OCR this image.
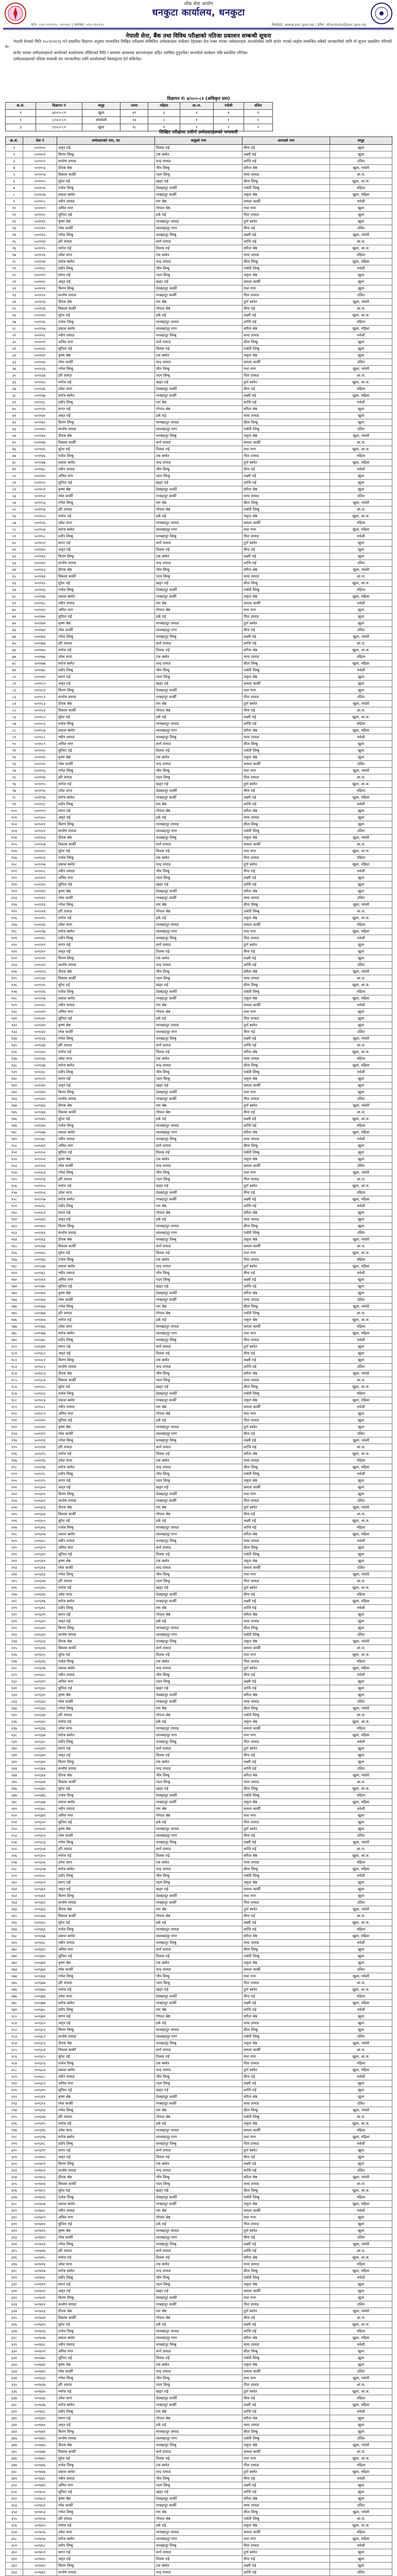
लोक सेवा आयोग
धनकुटा कार्यालय, धनकुटा
फोन: ०२६-५२०१५५, ५२०५६५ | फ्याक्स: ०२६-५२०१५५	वेबसाइट: www.psc.gov.np | इमेल: dhankuta@psc.gov.np
नेपाली सेना, बैंक तथा विविध परीक्षाको नतिजा प्रकाशन सम्बन्धी सूचना

नेपाली सेनाको मिति २०८१/०१/२६ गते प्रकाशित विज्ञापन अनुसार सञ्चालित लिखित परीक्षामा सम्मिलित उम्मेदवारहरू मध्येबाट देहायका रोल नम्बर भएका उम्मेदवारहरू अन्तर्वार्ताका लागि छनोट भएको व्यहोरा सम्बन्धित सबैको जानकारीको लागि यो सूचना प्रकाशित गरिएको छ।

छनोट भएका उम्मेदवारहरूले आयोगको कार्यालयमा तोकिएको मिति र समयमा आवश्यक कागजातहरू सहित उपस्थित हुनुपर्नेछ। अन्तर्वार्ता कार्यक्रम पछि प्रकाशित गरिनेछ।

उम्मेदवारहरूको नतिजा सम्बन्धी थप जानकारीका लागि कार्यालयको वेबसाइटमा हेर्न सकिनेछ।

विज्ञापन नं: ७/०८०-८१ (अधिकृत स्तर)
क्र.सं.	विज्ञापन नं	समूह	जम्मा	महिला	आ.ज.	मधेशी	दलित
१	७/०८०-८१	खुला	४९	३	२	४	१
२	८/०८०-८१	समावेशी	२४	२	१	१	१
३	९/०८०-८१	खुला	१८	१	१	२	०
लिखित परीक्षामा उत्तीर्ण उम्मेदवारहरूको नामावली
क्र.सं.	रोल नं	उम्मेदवारको नाम, थर	बाबुको नाम	आमाको नाम	समूह
१	५०११००	अमृत राई	तिलक राई	मीना राई	खुला
२	५०११०१	किरण लिम्बु	टंक बस्नेत	लक्ष्मी राई	खुला
३	५०११०२	सन्तोष तामाङ	चन्द्र तामाङ	शान्ति राई	दलित
४	५०११०३	दीपक श्रेष्ठ	भीम लिम्बु	सरिता श्रेष्ठ	खुला, मधेशी
५	५०११०४	विकास कार्की	पदम लिम्बु	माया तामाङ	आ.ज.
६	५०११०५	सुरेश राई	खड्ग राई	सीता लिम्बु	खुला, आ.ज.
७	५०११०६	राजेश लिम्बु	देवबहादुर कार्की	पार्वती लिम्बु	महिला
८	५०११०७	प्रकाश बस्नेत	नरबहादुर कार्की	जमुना श्रेष्ठ	खुला, महिला
९	५०११०८	नवीन तामाङ	राम श्रेष्ठ	कमला कार्की	मधेशी
१०	५०११०९	अनिल मगर	गोपाल श्रेष्ठ	राधा मगर	खुला
११	५०१११०	सुनिता राई	हर्क राई	गीता तामाङ	खुला
१२	५०११११	कृष्ण श्रेष्ठ	मानबहादुर तामाङ	दुर्गा बस्नेत	खुला
१३	५०१११२	रमेश कार्की	लालबहादुर मगर	मीना राई	दलित
१४	५०१११३	गणेश लिम्बु	धनबहादुर लिम्बु	लक्ष्मी राई	खुला, मधेशी
१५	५०१११४	हरि तामाङ	कर्ण तामाङ	शान्ति राई	आ.ज.
१६	५०१११५	मनोज राई	तिलक राई	सरिता श्रेष्ठ	खुला, आ.ज.
१७	५०१११६	उमेश थापा	टंक बस्नेत	माया तामाङ	महिला
१८	५०१११७	सरोज बस्नेत	चन्द्र तामाङ	सीता लिम्बु	खुला, महिला
१९	५०१११८	प्रदीप लिम्बु	भीम लिम्बु	पार्वती लिम्बु	मधेशी
२०	५०१११९	सागर राई	पदम लिम्बु	जमुना श्रेष्ठ	खुला
२१	५०११२०	अमृत राई	खड्ग राई	कमला कार्की	खुला
२२	५०११२१	किरण लिम्बु	देवबहादुर कार्की	राधा मगर	खुला
२३	५०११२२	सन्तोष तामाङ	नरबहादुर कार्की	गीता तामाङ	दलित
२४	५०११२३	दीपक श्रेष्ठ	राम श्रेष्ठ	दुर्गा बस्नेत	खुला, मधेशी
२५	५०११२४	विकास कार्की	गोपाल श्रेष्ठ	मीना राई	आ.ज.
२६	५०११२५	सुरेश राई	हर्क राई	लक्ष्मी राई	खुला, आ.ज.
२७	५०११२६	राजेश लिम्बु	मानबहादुर तामाङ	शान्ति राई	महिला
२८	५०११२७	प्रकाश बस्नेत	लालबहादुर मगर	सरिता श्रेष्ठ	खुला, महिला
२९	५०११२८	नवीन तामाङ	धनबहादुर लिम्बु	माया तामाङ	मधेशी
३०	५०११२९	अनिल मगर	कर्ण तामाङ	सीता लिम्बु	खुला
३१	५०११३०	सुनिता राई	तिलक राई	पार्वती लिम्बु	खुला
३२	५०११३१	कृष्ण श्रेष्ठ	टंक बस्नेत	जमुना श्रेष्ठ	खुला
३३	५०११३२	रमेश कार्की	चन्द्र तामाङ	कमला कार्की	दलित
३४	५०११३३	गणेश लिम्बु	भीम लिम्बु	राधा मगर	खुला, मधेशी
३५	५०११३४	हरि तामाङ	पदम लिम्बु	गीता तामाङ	आ.ज.
३६	५०११३५	मनोज राई	खड्ग राई	दुर्गा बस्नेत	खुला, आ.ज.
३७	५०११३६	उमेश थापा	देवबहादुर कार्की	मीना राई	महिला
३८	५०११३७	सरोज बस्नेत	नरबहादुर कार्की	लक्ष्मी राई	खुला, महिला
३९	५०११३८	प्रदीप लिम्बु	राम श्रेष्ठ	शान्ति राई	मधेशी
४०	५०११३९	सागर राई	गोपाल श्रेष्ठ	सरिता श्रेष्ठ	खुला
४१	५०११४०	अमृत राई	हर्क राई	माया तामाङ	खुला
४२	५०११४१	किरण लिम्बु	मानबहादुर तामाङ	सीता लिम्बु	खुला
४३	५०११४२	सन्तोष तामाङ	लालबहादुर मगर	पार्वती लिम्बु	दलित
४४	५०११४३	दीपक श्रेष्ठ	धनबहादुर लिम्बु	जमुना श्रेष्ठ	खुला, मधेशी
४५	५०११४४	विकास कार्की	कर्ण तामाङ	कमला कार्की	आ.ज.
४६	५०११४५	सुरेश राई	तिलक राई	राधा मगर	खुला, आ.ज.
४७	५०११४६	राजेश लिम्बु	टंक बस्नेत	गीता तामाङ	महिला
४८	५०११४७	प्रकाश बस्नेत	चन्द्र तामाङ	दुर्गा बस्नेत	खुला, महिला
४९	५०११४८	नवीन तामाङ	भीम लिम्बु	मीना राई	मधेशी
५०	५०११४९	अनिल मगर	पदम लिम्बु	लक्ष्मी राई	खुला
५१	५०११५०	सुनिता राई	खड्ग राई	शान्ति राई	खुला
५२	५०११५१	कृष्ण श्रेष्ठ	देवबहादुर कार्की	सरिता श्रेष्ठ	खुला
५३	५०११५२	रमेश कार्की	नरबहादुर कार्की	माया तामाङ	दलित
५४	५०११५३	गणेश लिम्बु	राम श्रेष्ठ	सीता लिम्बु	खुला, मधेशी
५५	५०११५४	हरि तामाङ	गोपाल श्रेष्ठ	पार्वती लिम्बु	आ.ज.
५६	५०११५५	मनोज राई	हर्क राई	जमुना श्रेष्ठ	खुला, आ.ज.
५७	५०११५६	उमेश थापा	मानबहादुर तामाङ	कमला कार्की	महिला
५८	५०११५७	सरोज बस्नेत	लालबहादुर मगर	राधा मगर	खुला, महिला
५९	५०११५८	प्रदीप लिम्बु	धनबहादुर लिम्बु	गीता तामाङ	मधेशी
६०	५०११५९	सागर राई	कर्ण तामाङ	दुर्गा बस्नेत	खुला
६१	५०११६०	अमृत राई	तिलक राई	मीना राई	खुला
६२	५०११६१	किरण लिम्बु	टंक बस्नेत	लक्ष्मी राई	खुला
६३	५०११६२	सन्तोष तामाङ	चन्द्र तामाङ	शान्ति राई	दलित
६४	५०११६३	दीपक श्रेष्ठ	भीम लिम्बु	सरिता श्रेष्ठ	खुला, मधेशी
६५	५०११६४	विकास कार्की	पदम लिम्बु	माया तामाङ	आ.ज.
६६	५०११६५	सुरेश राई	खड्ग राई	सीता लिम्बु	खुला, आ.ज.
६७	५०११६६	राजेश लिम्बु	देवबहादुर कार्की	पार्वती लिम्बु	महिला
६८	५०११६७	प्रकाश बस्नेत	नरबहादुर कार्की	जमुना श्रेष्ठ	खुला, महिला
६९	५०११६८	नवीन तामाङ	राम श्रेष्ठ	कमला कार्की	मधेशी
७०	५०११६९	अनिल मगर	गोपाल श्रेष्ठ	राधा मगर	खुला
७१	५०११७०	सुनिता राई	हर्क राई	गीता तामाङ	खुला
७२	५०११७१	कृष्ण श्रेष्ठ	मानबहादुर तामाङ	दुर्गा बस्नेत	खुला
७३	५०११७२	रमेश कार्की	लालबहादुर मगर	मीना राई	दलित
७४	५०११७३	गणेश लिम्बु	धनबहादुर लिम्बु	लक्ष्मी राई	खुला, मधेशी
७५	५०११७४	हरि तामाङ	कर्ण तामाङ	शान्ति राई	आ.ज.
७६	५०११७५	मनोज राई	तिलक राई	सरिता श्रेष्ठ	खुला, आ.ज.
७७	५०११७६	उमेश थापा	टंक बस्नेत	माया तामाङ	महिला
७८	५०११७७	सरोज बस्नेत	चन्द्र तामाङ	सीता लिम्बु	खुला, महिला
७९	५०११७८	प्रदीप लिम्बु	भीम लिम्बु	पार्वती लिम्बु	मधेशी
८०	५०११७९	सागर राई	पदम लिम्बु	जमुना श्रेष्ठ	खुला
८१	५०११८०	अमृत राई	खड्ग राई	कमला कार्की	खुला
८२	५०११८१	किरण लिम्बु	देवबहादुर कार्की	राधा मगर	खुला
८३	५०११८२	सन्तोष तामाङ	नरबहादुर कार्की	गीता तामाङ	दलित
८४	५०११८३	दीपक श्रेष्ठ	राम श्रेष्ठ	दुर्गा बस्नेत	खुला, मधेशी
८५	५०११८४	विकास कार्की	गोपाल श्रेष्ठ	मीना राई	आ.ज.
८६	५०११८५	सुरेश राई	हर्क राई	लक्ष्मी राई	खुला, आ.ज.
८७	५०११८६	राजेश लिम्बु	मानबहादुर तामाङ	शान्ति राई	महिला
८८	५०११८७	प्रकाश बस्नेत	लालबहादुर मगर	सरिता श्रेष्ठ	खुला, महिला
८९	५०११८८	नवीन तामाङ	धनबहादुर लिम्बु	माया तामाङ	मधेशी
९०	५०११८९	अनिल मगर	कर्ण तामाङ	सीता लिम्बु	खुला
९१	५०११९०	सुनिता राई	तिलक राई	पार्वती लिम्बु	खुला
९२	५०११९१	कृष्ण श्रेष्ठ	टंक बस्नेत	जमुना श्रेष्ठ	खुला
९३	५०११९२	रमेश कार्की	चन्द्र तामाङ	कमला कार्की	दलित
९४	५०११९३	गणेश लिम्बु	भीम लिम्बु	राधा मगर	खुला, मधेशी
९५	५०११९४	हरि तामाङ	पदम लिम्बु	गीता तामाङ	आ.ज.
९६	५०११९५	मनोज राई	खड्ग राई	दुर्गा बस्नेत	खुला, आ.ज.
९७	५०११९६	उमेश थापा	देवबहादुर कार्की	मीना राई	महिला
९८	५०११९७	सरोज बस्नेत	नरबहादुर कार्की	लक्ष्मी राई	खुला, महिला
९९	५०११९८	प्रदीप लिम्बु	राम श्रेष्ठ	शान्ति राई	मधेशी
१००	५०११९९	सागर राई	गोपाल श्रेष्ठ	सरिता श्रेष्ठ	खुला
१०१	५०१२००	अमृत राई	हर्क राई	माया तामाङ	खुला
१०२	५०१२०१	किरण लिम्बु	मानबहादुर तामाङ	सीता लिम्बु	खुला
१०३	५०१२०२	सन्तोष तामाङ	लालबहादुर मगर	पार्वती लिम्बु	दलित
१०४	५०१२०३	दीपक श्रेष्ठ	धनबहादुर लिम्बु	जमुना श्रेष्ठ	खुला, मधेशी
१०५	५०१२०४	विकास कार्की	कर्ण तामाङ	कमला कार्की	आ.ज.
१०६	५०१२०५	सुरेश राई	तिलक राई	राधा मगर	खुला, आ.ज.
१०७	५०१२०६	राजेश लिम्बु	टंक बस्नेत	गीता तामाङ	महिला
१०८	५०१२०७	प्रकाश बस्नेत	चन्द्र तामाङ	दुर्गा बस्नेत	खुला, महिला
१०९	५०१२०८	नवीन तामाङ	भीम लिम्बु	मीना राई	मधेशी
११०	५०१२०९	अनिल मगर	पदम लिम्बु	लक्ष्मी राई	खुला
१११	५०१२१०	सुनिता राई	खड्ग राई	शान्ति राई	खुला
११२	५०१२११	कृष्ण श्रेष्ठ	देवबहादुर कार्की	सरिता श्रेष्ठ	खुला
११३	५०१२१२	रमेश कार्की	नरबहादुर कार्की	माया तामाङ	दलित
११४	५०१२१३	गणेश लिम्बु	राम श्रेष्ठ	सीता लिम्बु	खुला, मधेशी
११५	५०१२१४	हरि तामाङ	गोपाल श्रेष्ठ	पार्वती लिम्बु	आ.ज.
११६	५०१२१५	मनोज राई	हर्क राई	जमुना श्रेष्ठ	खुला, आ.ज.
११७	५०१२१६	उमेश थापा	मानबहादुर तामाङ	कमला कार्की	महिला
११८	५०१२१७	सरोज बस्नेत	लालबहादुर मगर	राधा मगर	खुला, महिला
११९	५०१२१८	प्रदीप लिम्बु	धनबहादुर लिम्बु	गीता तामाङ	मधेशी
१२०	५०१२१९	सागर राई	कर्ण तामाङ	दुर्गा बस्नेत	खुला
१२१	५०१२२०	अमृत राई	तिलक राई	मीना राई	खुला
१२२	५०१२२१	किरण लिम्बु	टंक बस्नेत	लक्ष्मी राई	खुला
१२३	५०१२२२	सन्तोष तामाङ	चन्द्र तामाङ	शान्ति राई	दलित
१२४	५०१२२३	दीपक श्रेष्ठ	भीम लिम्बु	सरिता श्रेष्ठ	खुला, मधेशी
१२५	५०१२२४	विकास कार्की	पदम लिम्बु	माया तामाङ	आ.ज.
१२६	५०१२२५	सुरेश राई	खड्ग राई	सीता लिम्बु	खुला, आ.ज.
१२७	५०१२२६	राजेश लिम्बु	देवबहादुर कार्की	पार्वती लिम्बु	महिला
१२८	५०१२२७	प्रकाश बस्नेत	नरबहादुर कार्की	जमुना श्रेष्ठ	खुला, महिला
१२९	५०१२२८	नवीन तामाङ	राम श्रेष्ठ	कमला कार्की	मधेशी
१३०	५०१२२९	अनिल मगर	गोपाल श्रेष्ठ	राधा मगर	खुला
१३१	५०१२३०	सुनिता राई	हर्क राई	गीता तामाङ	खुला
१३२	५०१२३१	कृष्ण श्रेष्ठ	मानबहादुर तामाङ	दुर्गा बस्नेत	खुला
१३३	५०१२३२	रमेश कार्की	लालबहादुर मगर	मीना राई	दलित
१३४	५०१२३३	गणेश लिम्बु	धनबहादुर लिम्बु	लक्ष्मी राई	खुला, मधेशी
१३५	५०१२३४	हरि तामाङ	कर्ण तामाङ	शान्ति राई	आ.ज.
१३६	५०१२३५	मनोज राई	तिलक राई	सरिता श्रेष्ठ	खुला, आ.ज.
१३७	५०१२३६	उमेश थापा	टंक बस्नेत	माया तामाङ	महिला
१३८	५०१२३७	सरोज बस्नेत	चन्द्र तामाङ	सीता लिम्बु	खुला, महिला
१३९	५०१२३८	प्रदीप लिम्बु	भीम लिम्बु	पार्वती लिम्बु	मधेशी
१४०	५०१२३९	सागर राई	पदम लिम्बु	जमुना श्रेष्ठ	खुला
१४१	५०१२४०	अमृत राई	खड्ग राई	कमला कार्की	खुला
१४२	५०१२४१	किरण लिम्बु	देवबहादुर कार्की	राधा मगर	खुला
१४३	५०१२४२	सन्तोष तामाङ	नरबहादुर कार्की	गीता तामाङ	दलित
१४४	५०१२४३	दीपक श्रेष्ठ	राम श्रेष्ठ	दुर्गा बस्नेत	खुला, मधेशी
१४५	५०१२४४	विकास कार्की	गोपाल श्रेष्ठ	मीना राई	आ.ज.
१४६	५०१२४५	सुरेश राई	हर्क राई	लक्ष्मी राई	खुला, आ.ज.
१४७	५०१२४६	राजेश लिम्बु	मानबहादुर तामाङ	शान्ति राई	महिला
१४८	५०१२४७	प्रकाश बस्नेत	लालबहादुर मगर	सरिता श्रेष्ठ	खुला, महिला
१४९	५०१२४८	नवीन तामाङ	धनबहादुर लिम्बु	माया तामाङ	मधेशी
१५०	५०१२४९	अनिल मगर	कर्ण तामाङ	सीता लिम्बु	खुला
१५१	५०१२५०	सुनिता राई	तिलक राई	पार्वती लिम्बु	खुला
१५२	५०१२५१	कृष्ण श्रेष्ठ	टंक बस्नेत	जमुना श्रेष्ठ	खुला
१५३	५०१२५२	रमेश कार्की	चन्द्र तामाङ	कमला कार्की	दलित
१५४	५०१२५३	गणेश लिम्बु	भीम लिम्बु	राधा मगर	खुला, मधेशी
१५५	५०१२५४	हरि तामाङ	पदम लिम्बु	गीता तामाङ	आ.ज.
१५६	५०१२५५	मनोज राई	खड्ग राई	दुर्गा बस्नेत	खुला, आ.ज.
१५७	५०१२५६	उमेश थापा	देवबहादुर कार्की	मीना राई	महिला
१५८	५०१२५७	सरोज बस्नेत	नरबहादुर कार्की	लक्ष्मी राई	खुला, महिला
१५९	५०१२५८	प्रदीप लिम्बु	राम श्रेष्ठ	शान्ति राई	मधेशी
१६०	५०१२५९	सागर राई	गोपाल श्रेष्ठ	सरिता श्रेष्ठ	खुला
१६१	५०१२६०	अमृत राई	हर्क राई	माया तामाङ	खुला
१६२	५०१२६१	किरण लिम्बु	मानबहादुर तामाङ	सीता लिम्बु	खुला
१६३	५०१२६२	सन्तोष तामाङ	लालबहादुर मगर	पार्वती लिम्बु	दलित
१६४	५०१२६३	दीपक श्रेष्ठ	धनबहादुर लिम्बु	जमुना श्रेष्ठ	खुला, मधेशी
१६५	५०१२६४	विकास कार्की	कर्ण तामाङ	कमला कार्की	आ.ज.
१६६	५०१२६५	सुरेश राई	तिलक राई	राधा मगर	खुला, आ.ज.
१६७	५०१२६६	राजेश लिम्बु	टंक बस्नेत	गीता तामाङ	महिला
१६८	५०१२६७	प्रकाश बस्नेत	चन्द्र तामाङ	दुर्गा बस्नेत	खुला, महिला
१६९	५०१२६८	नवीन तामाङ	भीम लिम्बु	मीना राई	मधेशी
१७०	५०१२६९	अनिल मगर	पदम लिम्बु	लक्ष्मी राई	खुला
१७१	५०१२७०	सुनिता राई	खड्ग राई	शान्ति राई	खुला
१७२	५०१२७१	कृष्ण श्रेष्ठ	देवबहादुर कार्की	सरिता श्रेष्ठ	खुला
१७३	५०१२७२	रमेश कार्की	नरबहादुर कार्की	माया तामाङ	दलित
१७४	५०१२७३	गणेश लिम्बु	राम श्रेष्ठ	सीता लिम्बु	खुला, मधेशी
१७५	५०१२७४	हरि तामाङ	गोपाल श्रेष्ठ	पार्वती लिम्बु	आ.ज.
१७६	५०१२७५	मनोज राई	हर्क राई	जमुना श्रेष्ठ	खुला, आ.ज.
१७७	५०१२७६	उमेश थापा	मानबहादुर तामाङ	कमला कार्की	महिला
१७८	५०१२७७	सरोज बस्नेत	लालबहादुर मगर	राधा मगर	खुला, महिला
१७९	५०१२७८	प्रदीप लिम्बु	धनबहादुर लिम्बु	गीता तामाङ	मधेशी
१८०	५०१२७९	सागर राई	कर्ण तामाङ	दुर्गा बस्नेत	खुला
१८१	५०१२८०	अमृत राई	तिलक राई	मीना राई	खुला
१८२	५०१२८१	किरण लिम्बु	टंक बस्नेत	लक्ष्मी राई	खुला
१८३	५०१२८२	सन्तोष तामाङ	चन्द्र तामाङ	शान्ति राई	दलित
१८४	५०१२८३	दीपक श्रेष्ठ	भीम लिम्बु	सरिता श्रेष्ठ	खुला, मधेशी
१८५	५०१२८४	विकास कार्की	पदम लिम्बु	माया तामाङ	आ.ज.
१८६	५०१२८५	सुरेश राई	खड्ग राई	सीता लिम्बु	खुला, आ.ज.
१८७	५०१२८६	राजेश लिम्बु	देवबहादुर कार्की	पार्वती लिम्बु	महिला
१८८	५०१२८७	प्रकाश बस्नेत	नरबहादुर कार्की	जमुना श्रेष्ठ	खुला, महिला
१८९	५०१२८८	नवीन तामाङ	राम श्रेष्ठ	कमला कार्की	मधेशी
१९०	५०१२८९	अनिल मगर	गोपाल श्रेष्ठ	राधा मगर	खुला
१९१	५०१२९०	सुनिता राई	हर्क राई	गीता तामाङ	खुला
१९२	५०१२९१	कृष्ण श्रेष्ठ	मानबहादुर तामाङ	दुर्गा बस्नेत	खुला
१९३	५०१२९२	रमेश कार्की	लालबहादुर मगर	मीना राई	दलित
१९४	५०१२९३	गणेश लिम्बु	धनबहादुर लिम्बु	लक्ष्मी राई	खुला, मधेशी
१९५	५०१२९४	हरि तामाङ	कर्ण तामाङ	शान्ति राई	आ.ज.
१९६	५०१२९५	मनोज राई	तिलक राई	सरिता श्रेष्ठ	खुला, आ.ज.
१९७	५०१२९६	उमेश थापा	टंक बस्नेत	माया तामाङ	महिला
१९८	५०१२९७	सरोज बस्नेत	चन्द्र तामाङ	सीता लिम्बु	खुला, महिला
१९९	५०१२९८	प्रदीप लिम्बु	भीम लिम्बु	पार्वती लिम्बु	मधेशी
२००	५०१२९९	सागर राई	पदम लिम्बु	जमुना श्रेष्ठ	खुला
२०१	५०१३००	अमृत राई	खड्ग राई	कमला कार्की	खुला
२०२	५०१३०१	किरण लिम्बु	देवबहादुर कार्की	राधा मगर	खुला
२०३	५०१३०२	सन्तोष तामाङ	नरबहादुर कार्की	गीता तामाङ	दलित
२०४	५०१३०३	दीपक श्रेष्ठ	राम श्रेष्ठ	दुर्गा बस्नेत	खुला, मधेशी
२०५	५०१३०४	विकास कार्की	गोपाल श्रेष्ठ	मीना राई	आ.ज.
२०६	५०१३०५	सुरेश राई	हर्क राई	लक्ष्मी राई	खुला, आ.ज.
२०७	५०१३०६	राजेश लिम्बु	मानबहादुर तामाङ	शान्ति राई	महिला
२०८	५०१३०७	प्रकाश बस्नेत	लालबहादुर मगर	सरिता श्रेष्ठ	खुला, महिला
२०९	५०१३०८	नवीन तामाङ	धनबहादुर लिम्बु	माया तामाङ	मधेशी
२१०	५०१३०९	अनिल मगर	कर्ण तामाङ	सीता लिम्बु	खुला
२११	५०१३१०	सुनिता राई	तिलक राई	पार्वती लिम्बु	खुला
२१२	५०१३११	कृष्ण श्रेष्ठ	टंक बस्नेत	जमुना श्रेष्ठ	खुला
२१३	५०१३१२	रमेश कार्की	चन्द्र तामाङ	कमला कार्की	दलित
२१४	५०१३१३	गणेश लिम्बु	भीम लिम्बु	राधा मगर	खुला, मधेशी
२१५	५०१३१४	हरि तामाङ	पदम लिम्बु	गीता तामाङ	आ.ज.
२१६	५०१३१५	मनोज राई	खड्ग राई	दुर्गा बस्नेत	खुला, आ.ज.
२१७	५०१३१६	उमेश थापा	देवबहादुर कार्की	मीना राई	महिला
२१८	५०१३१७	सरोज बस्नेत	नरबहादुर कार्की	लक्ष्मी राई	खुला, महिला
२१९	५०१३१८	प्रदीप लिम्बु	राम श्रेष्ठ	शान्ति राई	मधेशी
२२०	५०१३१९	सागर राई	गोपाल श्रेष्ठ	सरिता श्रेष्ठ	खुला
२२१	५०१३२०	अमृत राई	हर्क राई	माया तामाङ	खुला
२२२	५०१३२१	किरण लिम्बु	मानबहादुर तामाङ	सीता लिम्बु	खुला
२२३	५०१३२२	सन्तोष तामाङ	लालबहादुर मगर	पार्वती लिम्बु	दलित
२२४	५०१३२३	दीपक श्रेष्ठ	धनबहादुर लिम्बु	जमुना श्रेष्ठ	खुला, मधेशी
२२५	५०१३२४	विकास कार्की	कर्ण तामाङ	कमला कार्की	आ.ज.
२२६	५०१३२५	सुरेश राई	तिलक राई	राधा मगर	खुला, आ.ज.
२२७	५०१३२६	राजेश लिम्बु	टंक बस्नेत	गीता तामाङ	महिला
२२८	५०१३२७	प्रकाश बस्नेत	चन्द्र तामाङ	दुर्गा बस्नेत	खुला, महिला
२२९	५०१३२८	नवीन तामाङ	भीम लिम्बु	मीना राई	मधेशी
२३०	५०१३२९	अनिल मगर	पदम लिम्बु	लक्ष्मी राई	खुला
२३१	५०१३३०	सुनिता राई	खड्ग राई	शान्ति राई	खुला
२३२	५०१३३१	कृष्ण श्रेष्ठ	देवबहादुर कार्की	सरिता श्रेष्ठ	खुला
२३३	५०१३३२	रमेश कार्की	नरबहादुर कार्की	माया तामाङ	दलित
२३४	५०१३३३	गणेश लिम्बु	राम श्रेष्ठ	सीता लिम्बु	खुला, मधेशी
२३५	५०१३३४	हरि तामाङ	गोपाल श्रेष्ठ	पार्वती लिम्बु	आ.ज.
२३६	५०१३३५	मनोज राई	हर्क राई	जमुना श्रेष्ठ	खुला, आ.ज.
२३७	५०१३३६	उमेश थापा	मानबहादुर तामाङ	कमला कार्की	महिला
२३८	५०१३३७	सरोज बस्नेत	लालबहादुर मगर	राधा मगर	खुला, महिला
२३९	५०१३३८	प्रदीप लिम्बु	धनबहादुर लिम्बु	गीता तामाङ	मधेशी
२४०	५०१३३९	सागर राई	कर्ण तामाङ	दुर्गा बस्नेत	खुला
२४१	५०१३४०	अमृत राई	तिलक राई	मीना राई	खुला
२४२	५०१३४१	किरण लिम्बु	टंक बस्नेत	लक्ष्मी राई	खुला
२४३	५०१३४२	सन्तोष तामाङ	चन्द्र तामाङ	शान्ति राई	दलित
२४४	५०१३४३	दीपक श्रेष्ठ	भीम लिम्बु	सरिता श्रेष्ठ	खुला, मधेशी
२४५	५०१३४४	विकास कार्की	पदम लिम्बु	माया तामाङ	आ.ज.
२४६	५०१३४५	सुरेश राई	खड्ग राई	सीता लिम्बु	खुला, आ.ज.
२४७	५०१३४६	राजेश लिम्बु	देवबहादुर कार्की	पार्वती लिम्बु	महिला
२४८	५०१३४७	प्रकाश बस्नेत	नरबहादुर कार्की	जमुना श्रेष्ठ	खुला, महिला
२४९	५०१३४८	नवीन तामाङ	राम श्रेष्ठ	कमला कार्की	मधेशी
२५०	५०१३४९	अनिल मगर	गोपाल श्रेष्ठ	राधा मगर	खुला
२५१	५०१३५०	सुनिता राई	हर्क राई	गीता तामाङ	खुला
२५२	५०१३५१	कृष्ण श्रेष्ठ	मानबहादुर तामाङ	दुर्गा बस्नेत	खुला
२५३	५०१३५२	रमेश कार्की	लालबहादुर मगर	मीना राई	दलित
२५४	५०१३५३	गणेश लिम्बु	धनबहादुर लिम्बु	लक्ष्मी राई	खुला, मधेशी
२५५	५०१३५४	हरि तामाङ	कर्ण तामाङ	शान्ति राई	आ.ज.
२५६	५०१३५५	मनोज राई	तिलक राई	सरिता श्रेष्ठ	खुला, आ.ज.
२५७	५०१३५६	उमेश थापा	टंक बस्नेत	माया तामाङ	महिला
२५८	५०१३५७	सरोज बस्नेत	चन्द्र तामाङ	सीता लिम्बु	खुला, महिला
२५९	५०१३५८	प्रदीप लिम्बु	भीम लिम्बु	पार्वती लिम्बु	मधेशी
२६०	५०१३५९	सागर राई	पदम लिम्बु	जमुना श्रेष्ठ	खुला
२६१	५०१३६०	अमृत राई	खड्ग राई	कमला कार्की	खुला
२६२	५०१३६१	किरण लिम्बु	देवबहादुर कार्की	राधा मगर	खुला
२६३	५०१३६२	सन्तोष तामाङ	नरबहादुर कार्की	गीता तामाङ	दलित
२६४	५०१३६३	दीपक श्रेष्ठ	राम श्रेष्ठ	दुर्गा बस्नेत	खुला, मधेशी
२६५	५०१३६४	विकास कार्की	गोपाल श्रेष्ठ	मीना राई	आ.ज.
२६६	५०१३६५	सुरेश राई	हर्क राई	लक्ष्मी राई	खुला, आ.ज.
२६७	५०१३६६	राजेश लिम्बु	मानबहादुर तामाङ	शान्ति राई	महिला
२६८	५०१३६७	प्रकाश बस्नेत	लालबहादुर मगर	सरिता श्रेष्ठ	खुला, महिला
२६९	५०१३६८	नवीन तामाङ	धनबहादुर लिम्बु	माया तामाङ	मधेशी
२७०	५०१३६९	अनिल मगर	कर्ण तामाङ	सीता लिम्बु	खुला
२७१	५०१३७०	सुनिता राई	तिलक राई	पार्वती लिम्बु	खुला
२७२	५०१३७१	कृष्ण श्रेष्ठ	टंक बस्नेत	जमुना श्रेष्ठ	खुला
२७३	५०१३७२	रमेश कार्की	चन्द्र तामाङ	कमला कार्की	दलित
२७४	५०१३७३	गणेश लिम्बु	भीम लिम्बु	राधा मगर	खुला, मधेशी
२७५	५०१३७४	हरि तामाङ	पदम लिम्बु	गीता तामाङ	आ.ज.
२७६	५०१३७५	मनोज राई	खड्ग राई	दुर्गा बस्नेत	खुला, आ.ज.
२७७	५०१३७६	उमेश थापा	देवबहादुर कार्की	मीना राई	महिला
२७८	५०१३७७	सरोज बस्नेत	नरबहादुर कार्की	लक्ष्मी राई	खुला, महिला
२७९	५०१३७८	प्रदीप लिम्बु	राम श्रेष्ठ	शान्ति राई	मधेशी
२८०	५०१३७९	सागर राई	गोपाल श्रेष्ठ	सरिता श्रेष्ठ	खुला
२८१	५०१३८०	अमृत राई	हर्क राई	माया तामाङ	खुला
२८२	५०१३८१	किरण लिम्बु	मानबहादुर तामाङ	सीता लिम्बु	खुला
२८३	५०१३८२	सन्तोष तामाङ	लालबहादुर मगर	पार्वती लिम्बु	दलित
२८४	५०१३८३	दीपक श्रेष्ठ	धनबहादुर लिम्बु	जमुना श्रेष्ठ	खुला, मधेशी
२८५	५०१३८४	विकास कार्की	कर्ण तामाङ	कमला कार्की	आ.ज.
२८६	५०१३८५	सुरेश राई	तिलक राई	राधा मगर	खुला, आ.ज.
२८७	५०१३८६	राजेश लिम्बु	टंक बस्नेत	गीता तामाङ	महिला
२८८	५०१३८७	प्रकाश बस्नेत	चन्द्र तामाङ	दुर्गा बस्नेत	खुला, महिला
२८९	५०१३८८	नवीन तामाङ	भीम लिम्बु	मीना राई	मधेशी
२९०	५०१३८९	अनिल मगर	पदम लिम्बु	लक्ष्मी राई	खुला
२९१	५०१३९०	सुनिता राई	खड्ग राई	शान्ति राई	खुला
२९२	५०१३९१	कृष्ण श्रेष्ठ	देवबहादुर कार्की	सरिता श्रेष्ठ	खुला
२९३	५०१३९२	रमेश कार्की	नरबहादुर कार्की	माया तामाङ	दलित
२९४	५०१३९३	गणेश लिम्बु	राम श्रेष्ठ	सीता लिम्बु	खुला, मधेशी
२९५	५०१३९४	हरि तामाङ	गोपाल श्रेष्ठ	पार्वती लिम्बु	आ.ज.
२९६	५०१३९५	मनोज राई	हर्क राई	जमुना श्रेष्ठ	खुला, आ.ज.
२९७	५०१३९६	उमेश थापा	मानबहादुर तामाङ	कमला कार्की	महिला
२९८	५०१३९७	सरोज बस्नेत	लालबहादुर मगर	राधा मगर	खुला, महिला
२९९	५०१३९८	प्रदीप लिम्बु	धनबहादुर लिम्बु	गीता तामाङ	मधेशी
३००	५०१३९९	सागर राई	कर्ण तामाङ	दुर्गा बस्नेत	खुला
३०१	५०१४००	अमृत राई	तिलक राई	मीना राई	खुला
३०२	५०१४०१	किरण लिम्बु	टंक बस्नेत	लक्ष्मी राई	खुला
३०३	५०१४०२	सन्तोष तामाङ	चन्द्र तामाङ	शान्ति राई	दलित
३०४	५०१४०३	दीपक श्रेष्ठ	भीम लिम्बु	सरिता श्रेष्ठ	खुला, मधेशी
३०५	५०१४०४	विकास कार्की	पदम लिम्बु	माया तामाङ	आ.ज.
३०६	५०१४०५	सुरेश राई	खड्ग राई	सीता लिम्बु	खुला, आ.ज.
३०७	५०१४०६	राजेश लिम्बु	देवबहादुर कार्की	पार्वती लिम्बु	महिला
३०८	५०१४०७	प्रकाश बस्नेत	नरबहादुर कार्की	जमुना श्रेष्ठ	खुला, महिला
३०९	५०१४०८	नवीन तामाङ	राम श्रेष्ठ	कमला कार्की	मधेशी
३१०	५०१४०९	अनिल मगर	गोपाल श्रेष्ठ	राधा मगर	खुला
३११	५०१४१०	सुनिता राई	हर्क राई	गीता तामाङ	खुला
३१२	५०१४११	कृष्ण श्रेष्ठ	मानबहादुर तामाङ	दुर्गा बस्नेत	खुला
३१३	५०१४१२	रमेश कार्की	लालबहादुर मगर	मीना राई	दलित
३१४	५०१४१३	गणेश लिम्बु	धनबहादुर लिम्बु	लक्ष्मी राई	खुला, मधेशी
३१५	५०१४१४	हरि तामाङ	कर्ण तामाङ	शान्ति राई	आ.ज.
३१६	५०१४१५	मनोज राई	तिलक राई	सरिता श्रेष्ठ	खुला, आ.ज.
३१७	५०१४१६	उमेश थापा	टंक बस्नेत	माया तामाङ	महिला
३१८	५०१४१७	सरोज बस्नेत	चन्द्र तामाङ	सीता लिम्बु	खुला, महिला
३१९	५०१४१८	प्रदीप लिम्बु	भीम लिम्बु	पार्वती लिम्बु	मधेशी
३२०	५०१४१९	सागर राई	पदम लिम्बु	जमुना श्रेष्ठ	खुला
३२१	५०१४२०	अमृत राई	खड्ग राई	कमला कार्की	खुला
३२२	५०१४२१	किरण लिम्बु	देवबहादुर कार्की	राधा मगर	खुला
३२३	५०१४२२	सन्तोष तामाङ	नरबहादुर कार्की	गीता तामाङ	दलित
३२४	५०१४२३	दीपक श्रेष्ठ	राम श्रेष्ठ	दुर्गा बस्नेत	खुला, मधेशी
३२५	५०१४२४	विकास कार्की	गोपाल श्रेष्ठ	मीना राई	आ.ज.
३२६	५०१४२५	सुरेश राई	हर्क राई	लक्ष्मी राई	खुला, आ.ज.
३२७	५०१४२६	राजेश लिम्बु	मानबहादुर तामाङ	शान्ति राई	महिला
३२८	५०१४२७	प्रकाश बस्नेत	लालबहादुर मगर	सरिता श्रेष्ठ	खुला, महिला
३२९	५०१४२८	नवीन तामाङ	धनबहादुर लिम्बु	माया तामाङ	मधेशी
३३०	५०१४२९	अनिल मगर	कर्ण तामाङ	सीता लिम्बु	खुला
३३१	५०१४३०	सुनिता राई	तिलक राई	पार्वती लिम्बु	खुला
३३२	५०१४३१	कृष्ण श्रेष्ठ	टंक बस्नेत	जमुना श्रेष्ठ	खुला
३३३	५०१४३२	रमेश कार्की	चन्द्र तामाङ	कमला कार्की	दलित
३३४	५०१४३३	गणेश लिम्बु	भीम लिम्बु	राधा मगर	खुला, मधेशी
३३५	५०१४३४	हरि तामाङ	पदम लिम्बु	गीता तामाङ	आ.ज.
३३६	५०१४३५	मनोज राई	खड्ग राई	दुर्गा बस्नेत	खुला, आ.ज.
३३७	५०१४३६	उमेश थापा	देवबहादुर कार्की	मीना राई	महिला
३३८	५०१४३७	सरोज बस्नेत	नरबहादुर कार्की	लक्ष्मी राई	खुला, महिला
३३९	५०१४३८	प्रदीप लिम्बु	राम श्रेष्ठ	शान्ति राई	मधेशी
३४०	५०१४३९	सागर राई	गोपाल श्रेष्ठ	सरिता श्रेष्ठ	खुला
३४१	५०१४४०	अमृत राई	हर्क राई	माया तामाङ	खुला
३४२	५०१४४१	किरण लिम्बु	मानबहादुर तामाङ	सीता लिम्बु	खुला
३४३	५०१४४२	सन्तोष तामाङ	लालबहादुर मगर	पार्वती लिम्बु	दलित
३४४	५०१४४३	दीपक श्रेष्ठ	धनबहादुर लिम्बु	जमुना श्रेष्ठ	खुला, मधेशी
३४५	५०१४४४	विकास कार्की	कर्ण तामाङ	कमला कार्की	आ.ज.
३४६	५०१४४५	सुरेश राई	तिलक राई	राधा मगर	खुला, आ.ज.
३४७	५०१४४६	राजेश लिम्बु	टंक बस्नेत	गीता तामाङ	महिला
३४८	५०१४४७	प्रकाश बस्नेत	चन्द्र तामाङ	दुर्गा बस्नेत	खुला, महिला
३४९	५०१४४८	नवीन तामाङ	भीम लिम्बु	मीना राई	मधेशी
३५०	५०१४४९	अनिल मगर	पदम लिम्बु	लक्ष्मी राई	खुला
३५१	५०१४५०	सुनिता राई	खड्ग राई	शान्ति राई	खुला
३५२	५०१४५१	कृष्ण श्रेष्ठ	देवबहादुर कार्की	सरिता श्रेष्ठ	खुला
३५३	५०१४५२	रमेश कार्की	नरबहादुर कार्की	माया तामाङ	दलित
३५४	५०१४५३	गणेश लिम्बु	राम श्रेष्ठ	सीता लिम्बु	खुला, मधेशी
३५५	५०१४५४	हरि तामाङ	गोपाल श्रेष्ठ	पार्वती लिम्बु	आ.ज.
३५६	५०१४५५	मनोज राई	हर्क राई	जमुना श्रेष्ठ	खुला, आ.ज.
३५७	५०१४५६	उमेश थापा	मानबहादुर तामाङ	कमला कार्की	महिला
३५८	५०१४५७	सरोज बस्नेत	लालबहादुर मगर	राधा मगर	खुला, महिला
३५९	५०१४५८	प्रदीप लिम्बु	धनबहादुर लिम्बु	गीता तामाङ	मधेशी
३६०	५०१४५९	सागर राई	कर्ण तामाङ	दुर्गा बस्नेत	खुला
३६१	५०१४६०	अमृत राई	तिलक राई	मीना राई	खुला
३६२	५०१४६१	किरण लिम्बु	टंक बस्नेत	लक्ष्मी राई	खुला
३६३	५०१४६२	सन्तोष तामाङ	चन्द्र तामाङ	शान्ति राई	दलित
